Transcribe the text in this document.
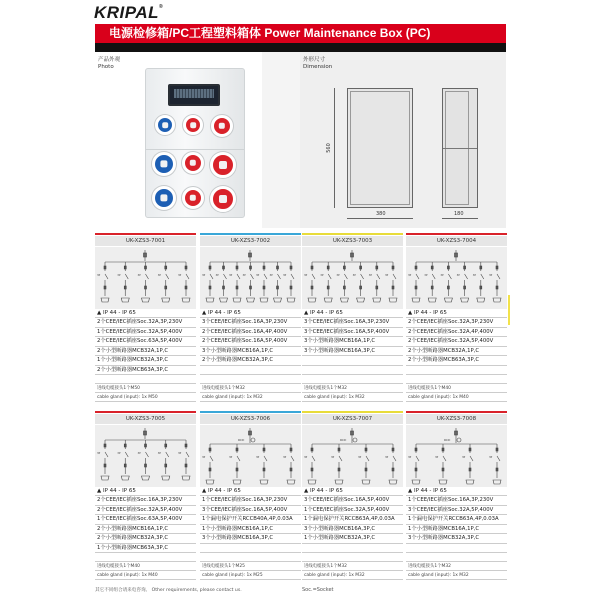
KRIPAL®
电源检修箱/PC工程塑料箱体 Power Maintenance Box (PC)
产品外观
Photo
外形尺寸
Dimension
560
380	180
UK-XZS3-7001
3P	3P	3P	3P	3P
▲ IP 44 - IP 65
2个CEE/IEC插座Soc.32A,3P,230V
1个CEE/IEC插座Soc.32A,5P,400V
2个CEE/IEC插座Soc.63A,5P,400V
2个小型断路器MCB32A,1P,C
1个小型断路器MCB32A,3P,C
2个小型断路器MCB63A,3P,C
进线电缆接头1个M50
cable gland (input): 1x M50
UK-XZS3-7002
3P	3P	3P	3P	3P	3P	3P
▲ IP 44 - IP 65
3个CEE/IEC插座Soc.16A,3P,230V
2个CEE/IEC插座Soc.16A,4P,400V
2个CEE/IEC插座Soc.16A,5P,400V
3个小型断路器MCB16A,1P,C
2个小型断路器MCB32A,3P,C
进线电缆接头1个M32
cable gland (input): 1x M32
UK-XZS3-7003
3P	3P	3P	3P	3P	3P
▲ IP 44 - IP 65
3个CEE/IEC插座Soc.16A,3P,230V
3个CEE/IEC插座Soc.16A,5P,400V
3个小型断路器MCB16A,1P,C
3个小型断路器MCB16A,3P,C
进线电缆接头1个M32
cable gland (input): 1x M32
UK-XZS3-7004
3P	3P	3P	3P	3P	3P
▲ IP 44 - IP 65
2个CEE/IEC插座Soc.32A,3P,230V
2个CEE/IEC插座Soc.32A,4P,400V
2个CEE/IEC插座Soc.32A,5P,400V
2个小型断路器MCB32A,1P,C
2个小型断路器MCB63A,3P,C
进线电缆接头1个M40
cable gland (input): 1x M40
UK-XZS3-7005
3P	3P	3P	3P	3P
▲ IP 44 - IP 65
2个CEE/IEC插座Soc.16A,3P,230V
2个CEE/IEC插座Soc.32A,5P,400V
1个CEE/IEC插座Soc.63A,5P,400V
2个小型断路器MCB16A,1P,C
2个小型断路器MCB32A,3P,C
1个小型断路器MCB63A,3P,C
进线电缆接头1个M40
cable gland (input): 1x M40
UK-XZS3-7006
RCD
3P	3P	3P	3P
▲ IP 44 - IP 65
1个CEE/IEC插座Soc.16A,3P,230V
3个CEE/IEC插座Soc.16A,5P,400V
1个漏电保护开关RCCB40A,4P,0.03A
1个小型断路器MCB16A,1P,C
3个小型断路器MCB16A,3P,C
进线电缆接头1个M25
cable gland (input): 1x M25
UK-XZS3-7007
RCD
3P	3P	3P	3P
▲ IP 44 - IP 65
3个CEE/IEC插座Soc.16A,5P,400V
1个CEE/IEC插座Soc.32A,5P,400V
1个漏电保护开关RCCB63A,4P,0.03A
3个小型断路器MCB16A,3P,C
1个小型断路器MCB32A,3P,C
进线电缆接头1个M32
cable gland (input): 1x M32
UK-XZS3-7008
RCD
3P	3P	3P	3P
▲ IP 44 - IP 65
1个CEE/IEC插座Soc.16A,3P,230V
3个CEE/IEC插座Soc.32A,5P,400V
1个漏电保护开关RCCB63A,4P,0.03A
1个小型断路器MCB16A,1P,C
3个小型断路器MCB32A,3P,C
进线电缆接头1个M32
cable gland (input): 1x M32
其它不同组合请来电咨询。 Other requirements, please contact us.	Soc.=Socket
